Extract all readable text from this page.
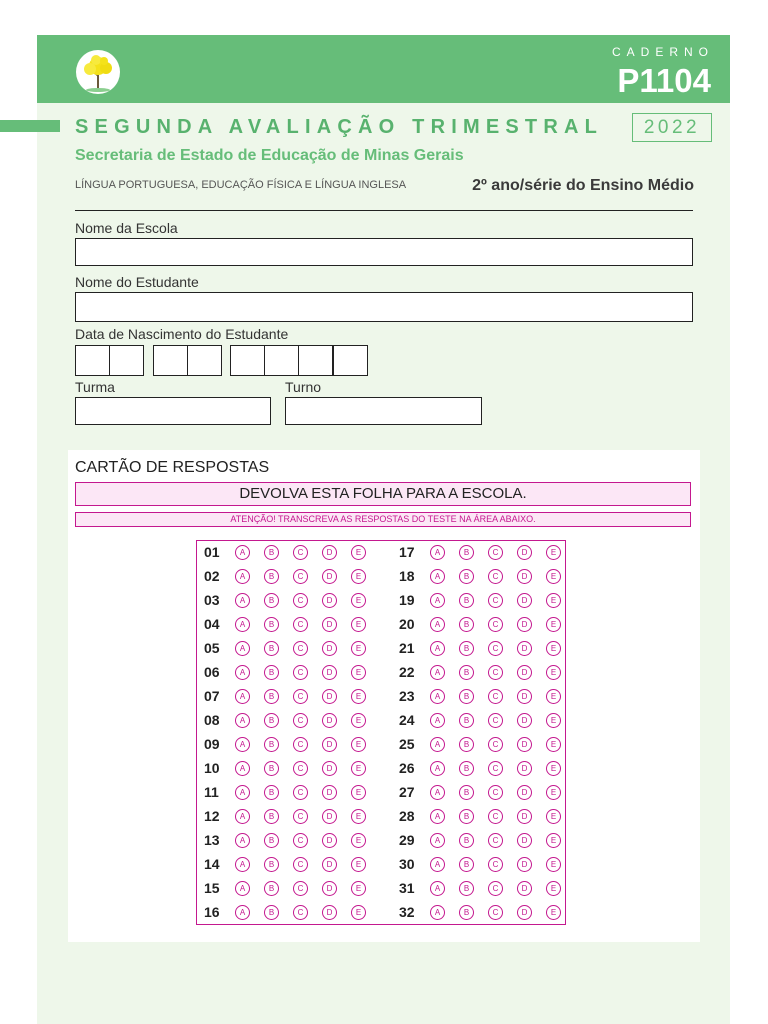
CADERNO
P1104
SEGUNDA AVALIAÇÃO TRIMESTRAL	2022
Secretaria de Estado de Educação de Minas Gerais
LÍNGUA PORTUGUESA, EDUCAÇÃO FÍSICA E LÍNGUA INGLESA	2º ano/série do Ensino Médio
Nome da Escola
Nome do Estudante
Data de Nascimento do Estudante
Turma	Turno
CARTÃO DE RESPOSTAS
DEVOLVA ESTA FOLHA PARA A ESCOLA.
ATENÇÃO! TRANSCREVA AS RESPOSTAS DO TESTE NA ÁREA ABAIXO.
01	A	B	C	D	E
02	A	B	C	D	E
03	A	B	C	D	E
04	A	B	C	D	E
05	A	B	C	D	E
06	A	B	C	D	E
07	A	B	C	D	E
08	A	B	C	D	E
09	A	B	C	D	E
10	A	B	C	D	E
11	A	B	C	D	E
12	A	B	C	D	E
13	A	B	C	D	E
14	A	B	C	D	E
15	A	B	C	D	E
16	A	B	C	D	E
17	A	B	C	D	E
18	A	B	C	D	E
19	A	B	C	D	E
20	A	B	C	D	E
21	A	B	C	D	E
22	A	B	C	D	E
23	A	B	C	D	E
24	A	B	C	D	E
25	A	B	C	D	E
26	A	B	C	D	E
27	A	B	C	D	E
28	A	B	C	D	E
29	A	B	C	D	E
30	A	B	C	D	E
31	A	B	C	D	E
32	A	B	C	D	E
